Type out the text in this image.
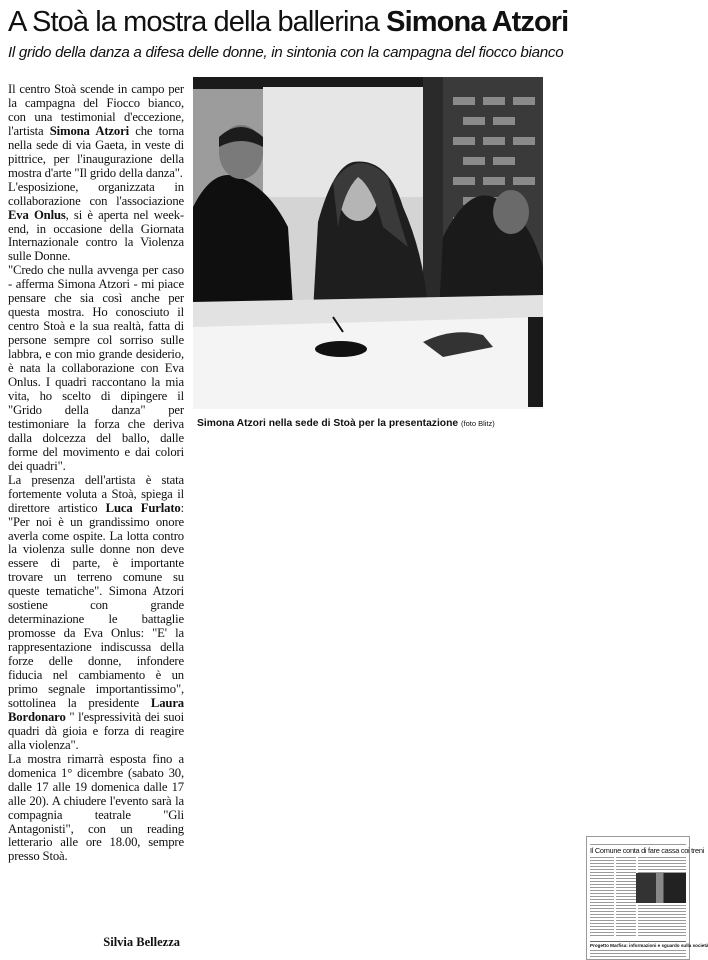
A Stoà la mostra della ballerina Simona Atzori
Il grido della danza a difesa delle donne, in sintonia con la campagna del fiocco bianco

Il centro Stoà scende in campo per la campagna del Fiocco bianco, con una testimonial d'eccezione, l'artista Simona Atzori che torna nella sede di via Gaeta, in veste di pittrice, per l'inaugurazione della mostra d'arte "Il grido della danza".

L'esposizione, organizzata in collaborazione con l'associazione Eva Onlus, si è aperta nel week-end, in occasione della Giornata Internazionale contro la Violenza sulle Donne.

"Credo che nulla avvenga per caso - afferma Simona Atzori - mi piace pensare che sia così anche per questa mostra. Ho conosciuto il centro Stoà e la sua realtà, fatta di persone sempre col sorriso sulle labbra, e con mio grande desiderio, è nata la collaborazione con Eva Onlus. I quadri raccontano la mia vita, ho scelto di dipingere il "Grido della danza" per testimoniare la forza che deriva dalla dolcezza del ballo, dalle forme del movimento e dai colori dei quadri".

La presenza dell'artista è stata fortemente voluta a Stoà, spiega il direttore artistico Luca Furlato: "Per noi è un grandissimo onore averla come ospite. La lotta contro la violenza sulle donne non deve essere di parte, è importante trovare un terreno comune su queste tematiche". Simona Atzori sostiene con grande determinazione le battaglie promosse da Eva Onlus: "E' la rappresentazione indiscussa della forze delle donne, infondere fiducia nel cambiamento è un primo segnale importantissimo", sottolinea la presidente Laura Bordonaro " l'espressività dei suoi quadri dà gioia e forza di reagire alla violenza".

La mostra rimarrà esposta fino a domenica 1° dicembre (sabato 30, dalle 17 alle 19 domenica dalle 17 alle 20). A chiudere l'evento sarà la compagnia teatrale "Gli Antagonisti", con un reading letterario alle ore 18.00, sempre presso Stoà.

Silvia Bellezza
Simona Atzori nella sede di Stoà per la presentazione (foto Blitz)
Il Comune conta di fare cassa coi treni
Progetto Marfisa: informazioni e sguardo sulla società
